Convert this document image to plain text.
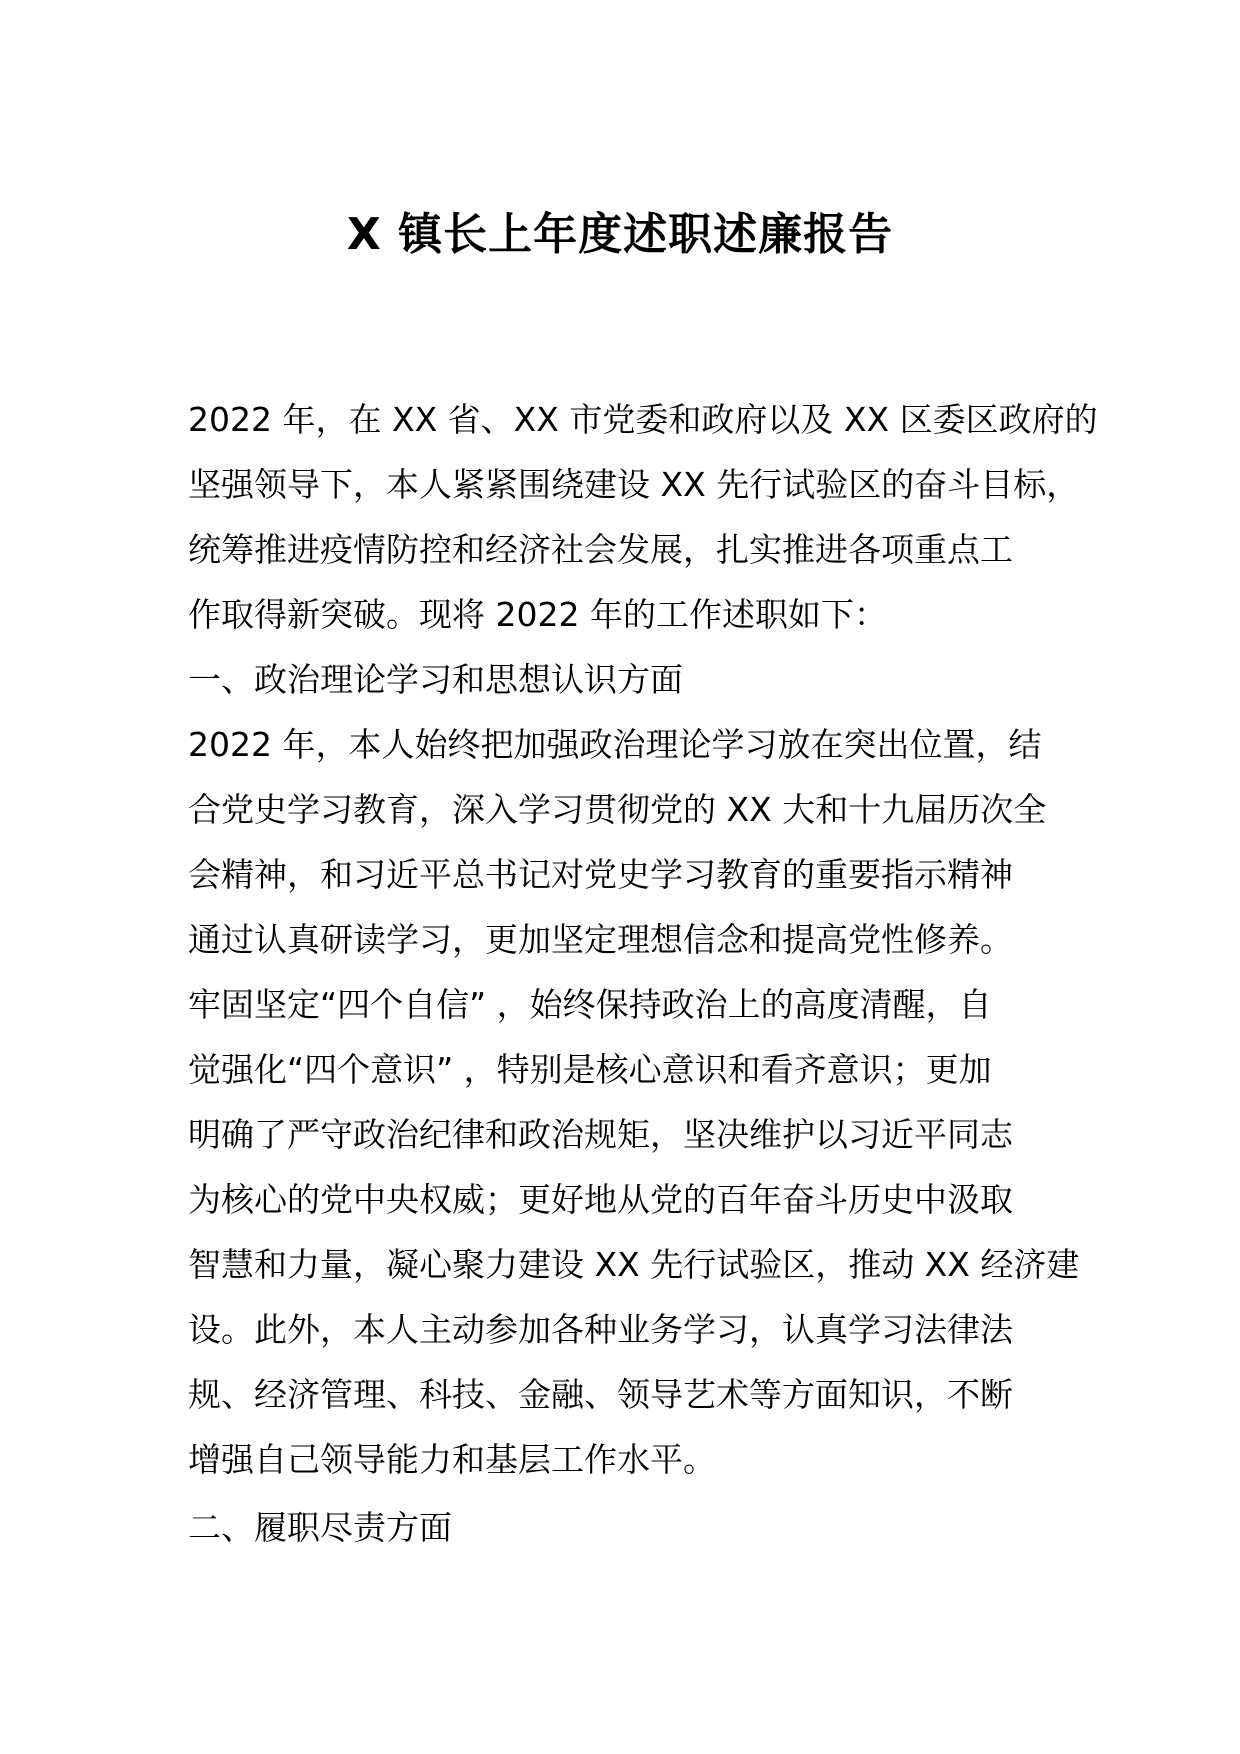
X 镇长上年度述职述廉报告
2022 年，在 XX 省、XX 市党委和政府以及 XX 区委区政府的
坚强领导下，本人紧紧围绕建设 XX 先行试验区的奋斗目标，
统筹推进疫情防控和经济社会发展，扎实推进各项重点工
作取得新突破。现将 2022 年的工作述职如下：
一、政治理论学习和思想认识方面
2022 年，本人始终把加强政治理论学习放在突出位置，结
合党史学习教育，深入学习贯彻党的 XX 大和十九届历次全
会精神，和习近平总书记对党史学习教育的重要指示精神
通过认真研读学习，更加坚定理想信念和提高党性修养。
牢固坚定“四个自信” ，始终保持政治上的高度清醒，自
觉强化“四个意识” ，特别是核心意识和看齐意识；更加
明确了严守政治纪律和政治规矩，坚决维护以习近平同志
为核心的党中央权威；更好地从党的百年奋斗历史中汲取
智慧和力量，凝心聚力建设 XX 先行试验区，推动 XX 经济建
设。此外，本人主动参加各种业务学习，认真学习法律法
规、经济管理、科技、金融、领导艺术等方面知识，不断
增强自己领导能力和基层工作水平。
二、履职尽责方面
